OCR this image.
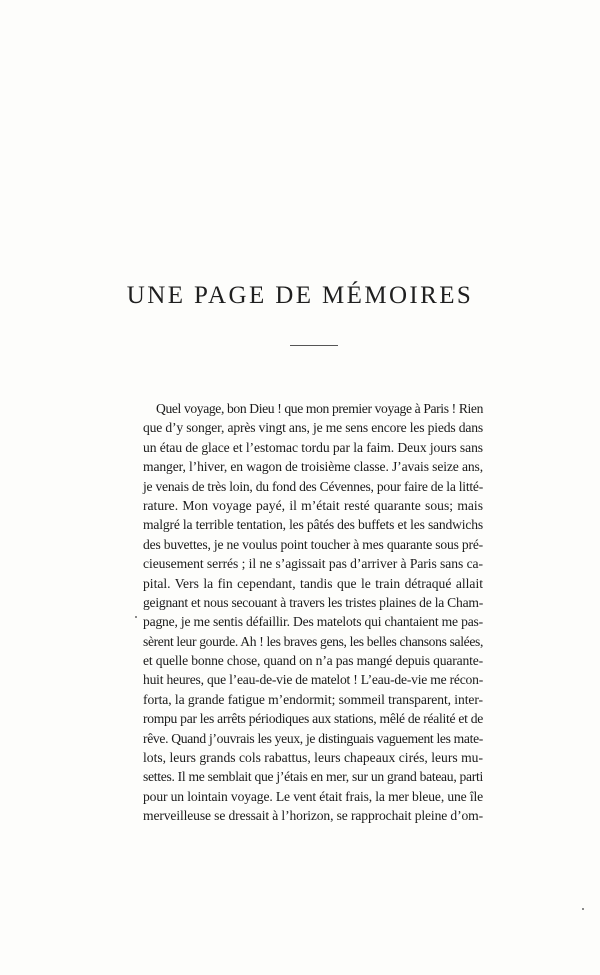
UNE PAGE DE MÉMOIRES
Quel voyage, bon Dieu ! que mon premier voyage à Paris ! Rien
que d’y songer, après vingt ans, je me sens encore les pieds dans
un étau de glace et l’estomac tordu par la faim. Deux jours sans
manger, l’hiver, en wagon de troisième classe. J’avais seize ans,
je venais de très loin, du fond des Cévennes, pour faire de la litté-
rature. Mon voyage payé, il m’était resté quarante sous; mais
malgré la terrible tentation, les pâtés des buffets et les sandwichs
des buvettes, je ne voulus point toucher à mes quarante sous pré-
cieusement serrés ; il ne s’agissait pas d’arriver à Paris sans ca-
pital. Vers la fin cependant, tandis que le train détraqué allait
geignant et nous secouant à travers les tristes plaines de la Cham-
pagne, je me sentis défaillir. Des matelots qui chantaient me pas-
sèrent leur gourde. Ah ! les braves gens, les belles chansons salées,
et quelle bonne chose, quand on n’a pas mangé depuis quarante-
huit heures, que l’eau-de-vie de matelot ! L’eau-de-vie me récon-
forta, la grande fatigue m’endormit; sommeil transparent, inter-
rompu par les arrêts périodiques aux stations, mêlé de réalité et de
rêve. Quand j’ouvrais les yeux, je distinguais vaguement les mate-
lots, leurs grands cols rabattus, leurs chapeaux cirés, leurs mu-
settes. Il me semblait que j’étais en mer, sur un grand bateau, parti
pour un lointain voyage. Le vent était frais, la mer bleue, une île
merveilleuse se dressait à l’horizon, se rapprochait pleine d’om-
